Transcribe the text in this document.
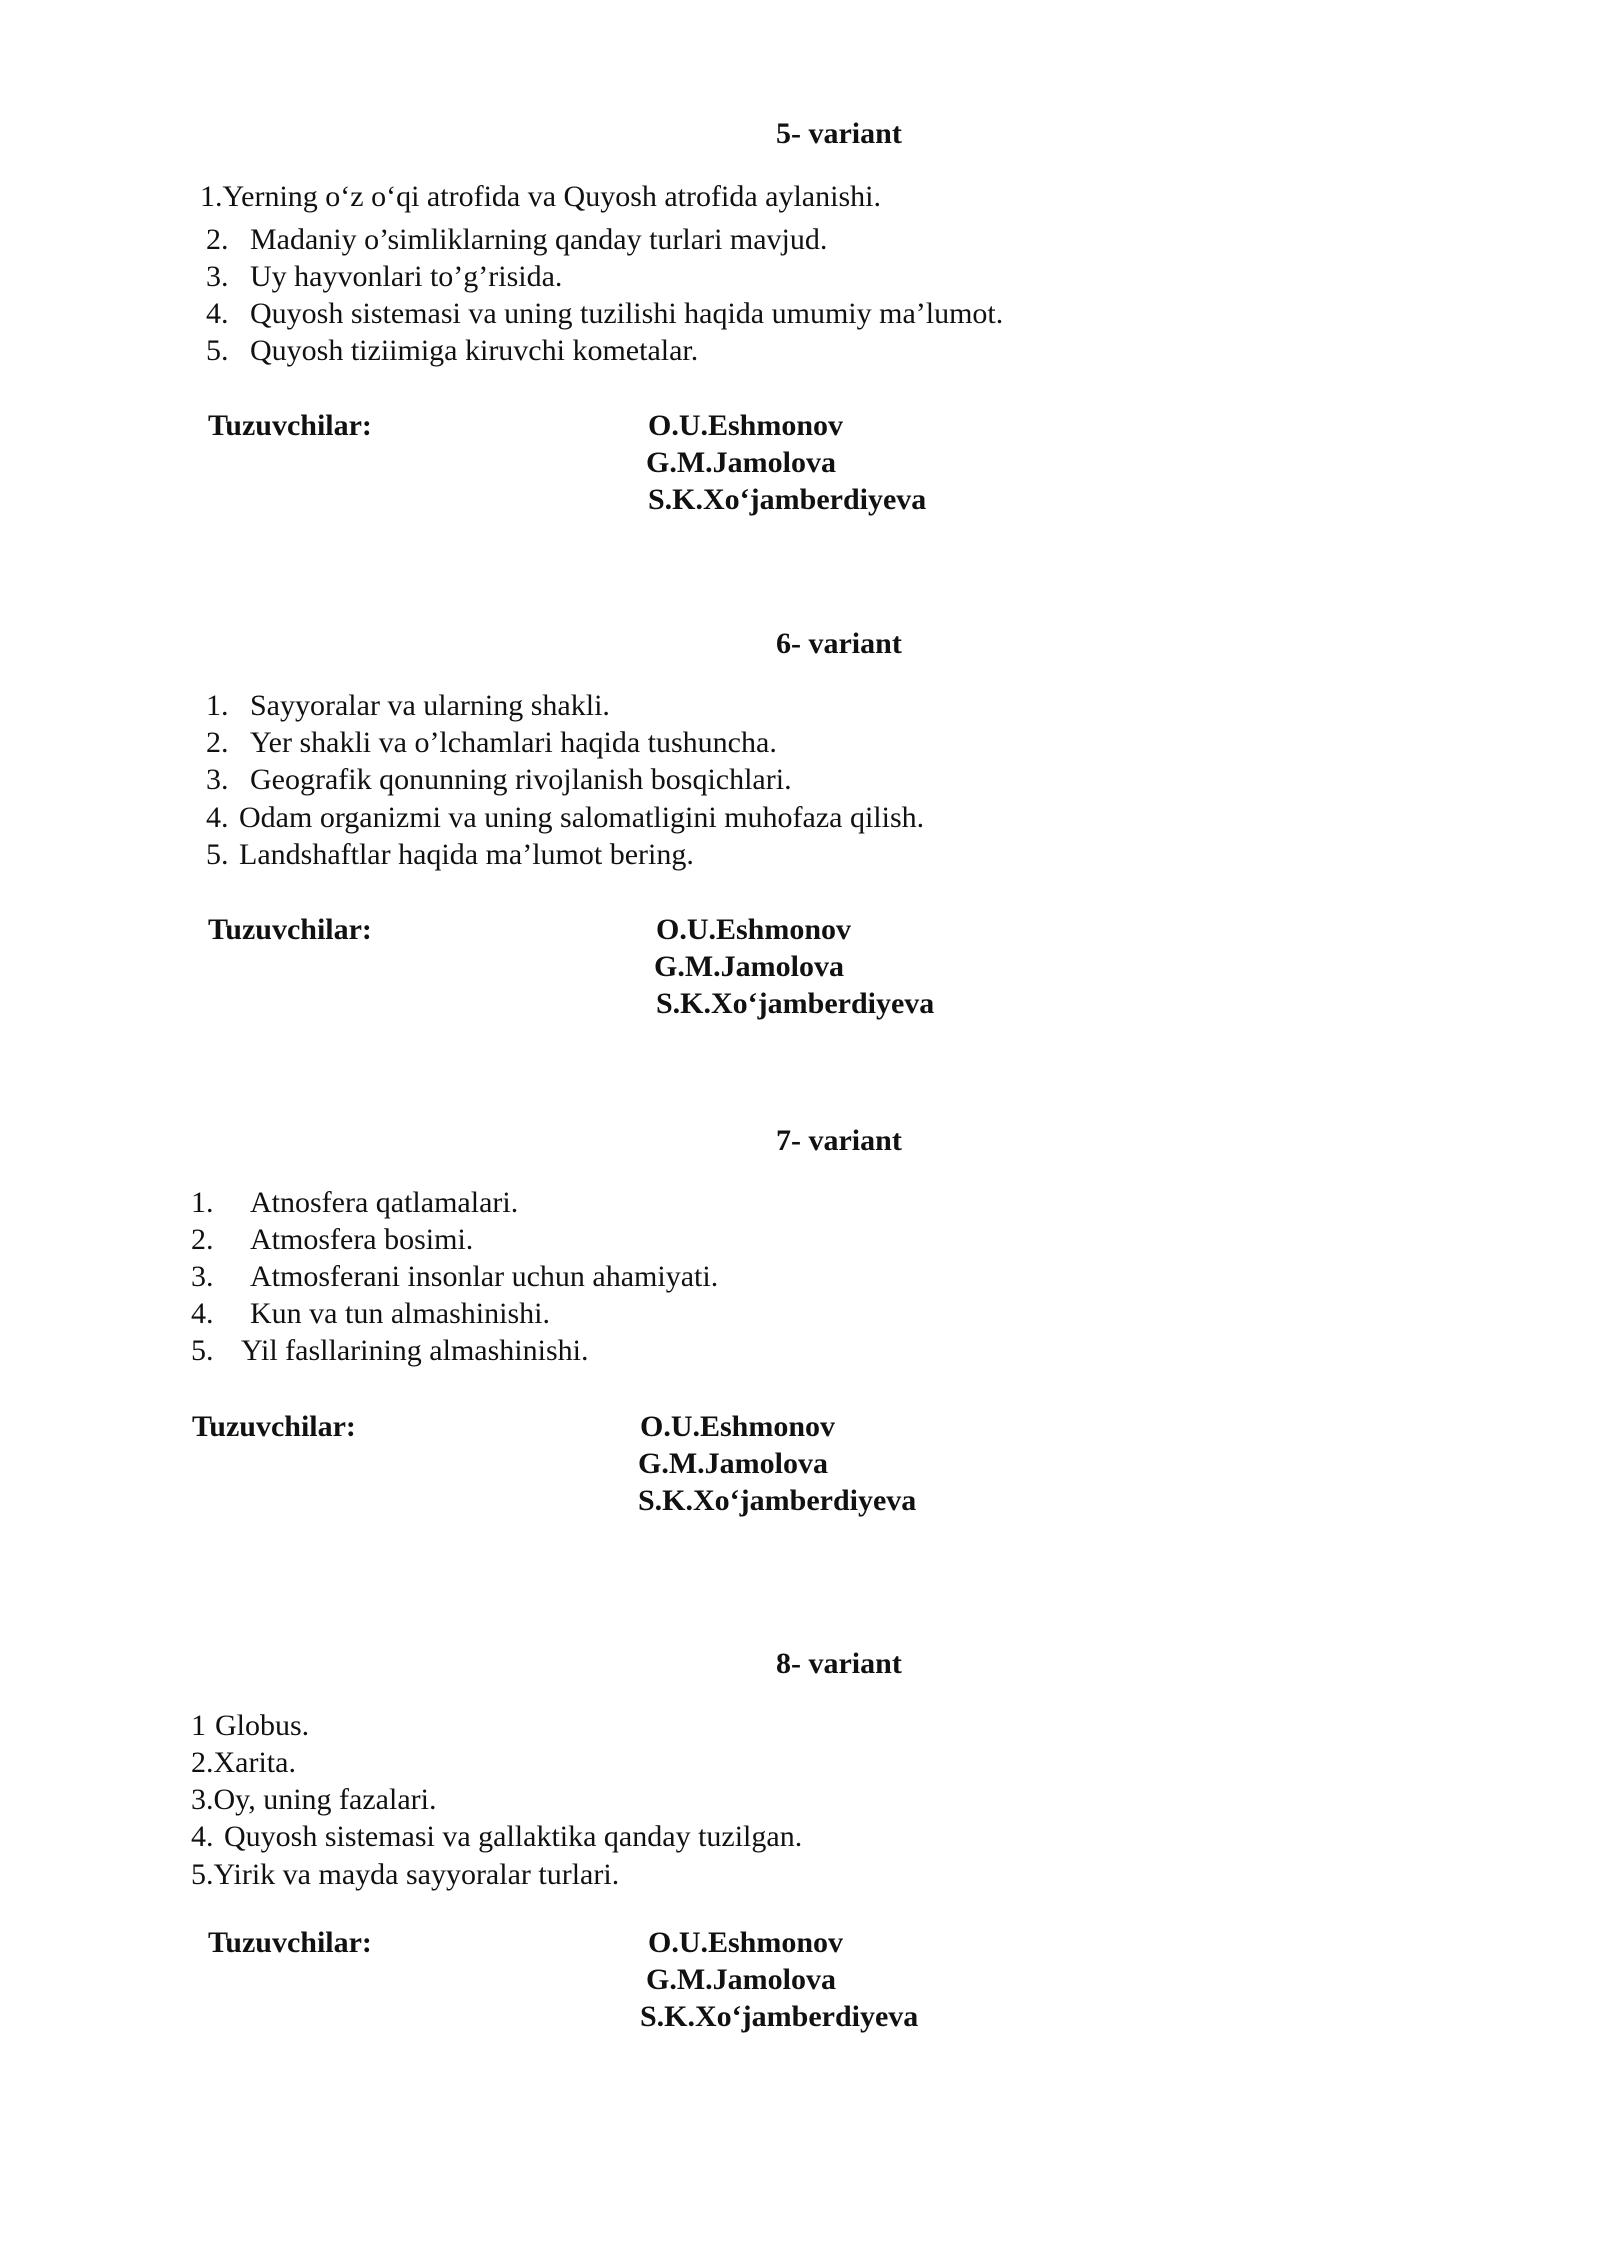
5- variant
1.Yerning o‘z o‘qi atrofida va Quyosh atrofida aylanishi.
2. Madaniy o’simliklarning qanday turlari mavjud.
3. Uy hayvonlari to’g’risida.
4. Quyosh sistemasi va uning tuzilishi haqida umumiy ma’lumot.
5. Quyosh tiziimiga kiruvchi kometalar.
Tuzuvchilar:	O.U.Eshmonov
G.M.Jamolova
S.K.Xo‘jamberdiyeva
6- variant
1. Sayyoralar va ularning shakli.
2. Yer shakli va o’lchamlari haqida tushuncha.
3. Geografik qonunning rivojlanish bosqichlari.
4. Odam organizmi va uning salomatligini muhofaza qilish.
5. Landshaftlar haqida ma’lumot bering.
Tuzuvchilar:	O.U.Eshmonov
G.M.Jamolova
S.K.Xo‘jamberdiyeva
7- variant
1. Atnosfera qatlamalari.
2. Atmosfera bosimi.
3. Atmosferani insonlar uchun ahamiyati.
4. Kun va tun almashinishi.
5. Yil fasllarining almashinishi.
Tuzuvchilar:	O.U.Eshmonov
G.M.Jamolova
S.K.Xo‘jamberdiyeva
8- variant
1 Globus.
2.Xarita.
3.Oy, uning fazalari.
4. Quyosh sistemasi va gallaktika qanday tuzilgan.
5.Yirik va mayda sayyoralar turlari.
Tuzuvchilar:	O.U.Eshmonov
G.M.Jamolova
S.K.Xo‘jamberdiyeva
